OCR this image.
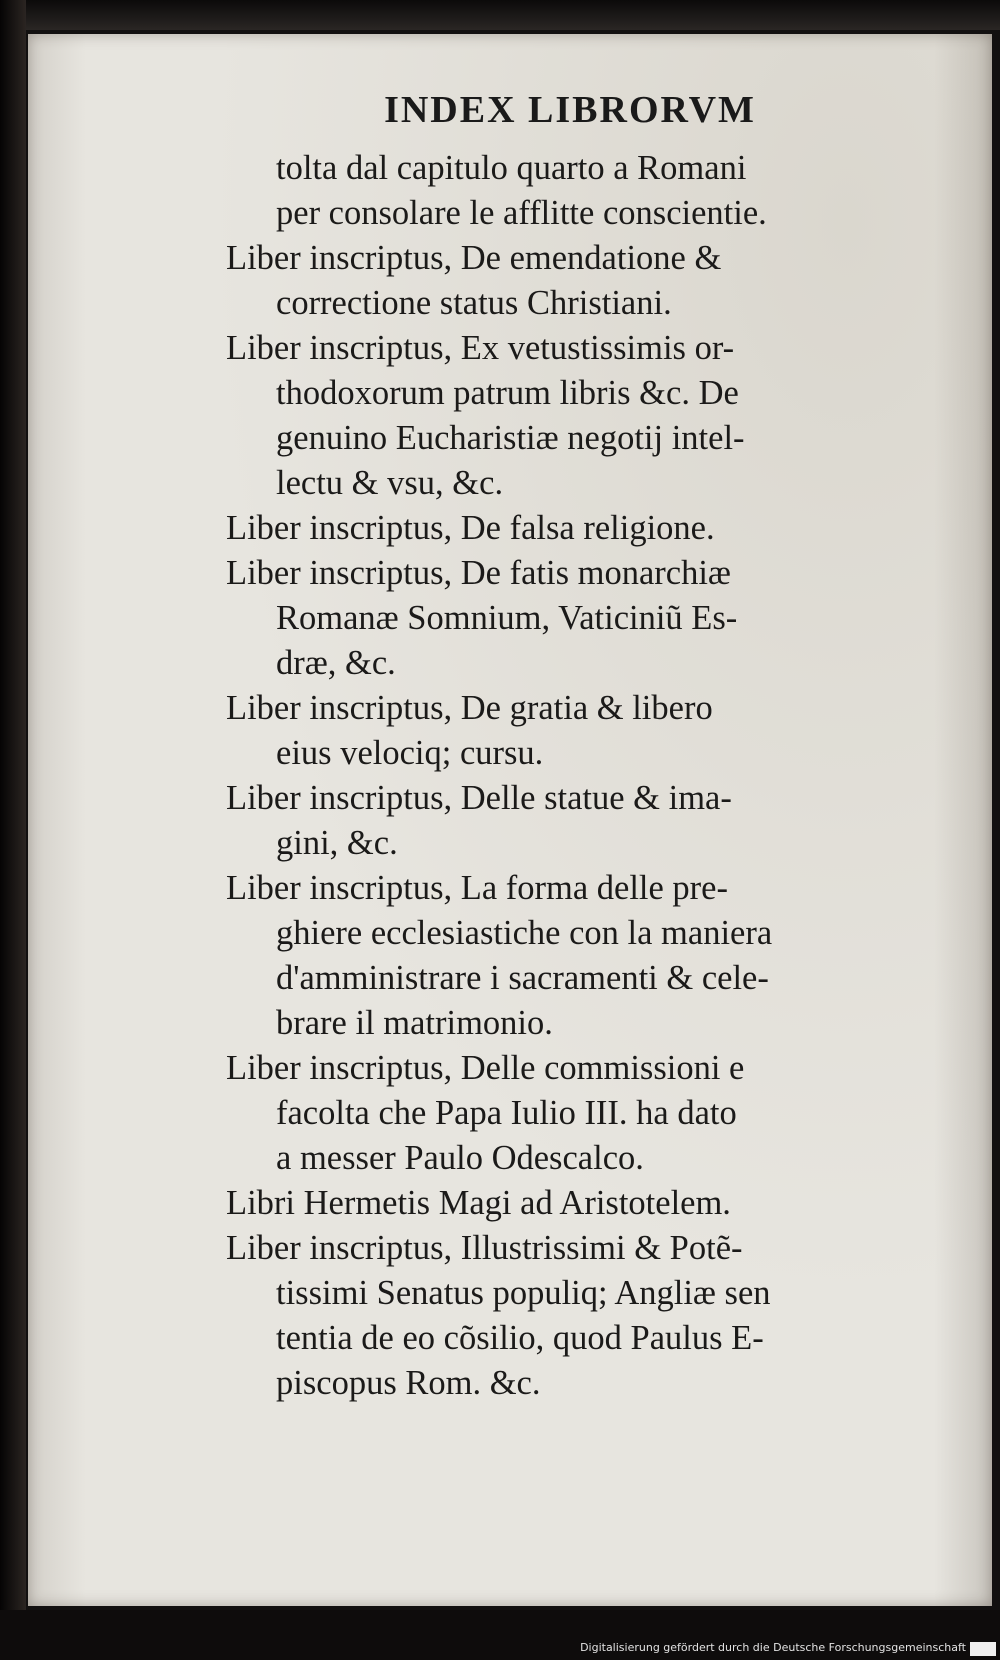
INDEX LIBRORVM
tolta dal capitulo quarto a Romani
per consolare le afflitte conscientie.
Liber inscriptus, De emendatione &
correctione status Christiani.
Liber inscriptus, Ex vetustissimis or-
thodoxorum patrum libris &c. De
genuino Eucharistiæ negotij intel-
lectu & vsu, &c.
Liber inscriptus, De falsa religione.
Liber inscriptus, De fatis monarchiæ
Romanæ Somnium, Vaticiniũ Es-
dræ, &c.
Liber inscriptus, De gratia & libero
eius velociq; cursu.
Liber inscriptus, Delle statue & ima-
gini, &c.
Liber inscriptus, La forma delle pre-
ghiere ecclesiastiche con la maniera
d'amministrare i sacramenti & cele-
brare il matrimonio.
Liber inscriptus, Delle commissioni e
facolta che Papa Iulio III. ha dato
a messer Paulo Odescalco.
Libri Hermetis Magi ad Aristotelem.
Liber inscriptus, Illustrissimi & Potẽ-
tissimi Senatus populiq; Angliæ sen
tentia de eo cõsilio, quod Paulus E-
piscopus Rom. &c.
Digitalisierung gefördert durch die Deutsche Forschungsgemeinschaft
